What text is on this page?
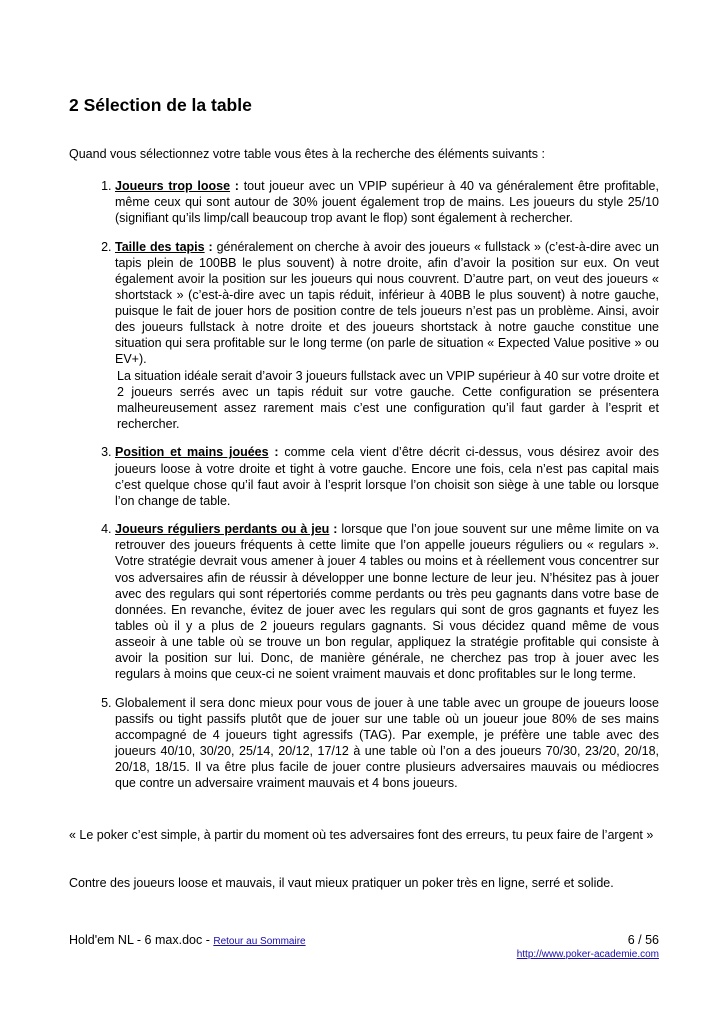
2 Sélection de la table

Quand vous sélectionnez votre table vous êtes à la recherche des éléments suivants :

1. Joueurs trop loose : tout joueur avec un VPIP supérieur à 40 va généralement être profitable, même ceux qui sont autour de 30% jouent également trop de mains. Les joueurs du style 25/10 (signifiant qu’ils limp/call beaucoup trop avant le flop) sont également à rechercher.
2. Taille des tapis : généralement on cherche à avoir des joueurs « fullstack » (c’est-à-dire avec un tapis plein de 100BB le plus souvent) à notre droite, afin d’avoir la position sur eux. On veut également avoir la position sur les joueurs qui nous couvrent. D’autre part, on veut des joueurs « shortstack » (c’est-à-dire avec un tapis réduit, inférieur à 40BB le plus souvent) à notre gauche, puisque le fait de jouer hors de position contre de tels joueurs n’est pas un problème. Ainsi, avoir des joueurs fullstack à notre droite et des joueurs shortstack à notre gauche constitue une situation qui sera profitable sur le long terme (on parle de situation « Expected Value positive » ou EV+).
La situation idéale serait d’avoir 3 joueurs fullstack avec un VPIP supérieur à 40 sur votre droite et 2 joueurs serrés avec un tapis réduit sur votre gauche. Cette configuration se présentera malheureusement assez rarement mais c’est une configuration qu’il faut garder à l’esprit et rechercher.
3. Position et mains jouées : comme cela vient d’être décrit ci-dessus, vous désirez avoir des joueurs loose à votre droite et tight à votre gauche. Encore une fois, cela n’est pas capital mais c’est quelque chose qu’il faut avoir à l’esprit lorsque l’on choisit son siège à une table ou lorsque l’on change de table.
4. Joueurs réguliers perdants ou à jeu : lorsque que l’on joue souvent sur une même limite on va retrouver des joueurs fréquents à cette limite que l’on appelle joueurs réguliers ou « regulars ». Votre stratégie devrait vous amener à jouer 4 tables ou moins et à réellement vous concentrer sur vos adversaires afin de réussir à développer une bonne lecture de leur jeu. N’hésitez pas à jouer avec des regulars qui sont répertoriés comme perdants ou très peu gagnants dans votre base de données. En revanche, évitez de jouer avec les regulars qui sont de gros gagnants et fuyez les tables où il y a plus de 2 joueurs regulars gagnants. Si vous décidez quand même de vous asseoir à une table où se trouve un bon regular, appliquez la stratégie profitable qui consiste à avoir la position sur lui. Donc, de manière générale, ne cherchez pas trop à jouer avec les regulars à moins que ceux-ci ne soient vraiment mauvais et donc profitables sur le long terme.
5. Globalement il sera donc mieux pour vous de jouer à une table avec un groupe de joueurs loose passifs ou tight passifs plutôt que de jouer sur une table où un joueur joue 80% de ses mains accompagné de 4 joueurs tight agressifs (TAG). Par exemple, je préfère une table avec des joueurs 40/10, 30/20, 25/14, 20/12, 17/12 à une table où l’on a des joueurs 70/30, 23/20, 20/18, 20/18, 18/15. Il va être plus facile de jouer contre plusieurs adversaires mauvais ou médiocres que contre un adversaire vraiment mauvais et 4 bons joueurs.

« Le poker c’est simple, à partir du moment où tes adversaires font des erreurs, tu peux faire de l’argent »

Contre des joueurs loose et mauvais, il vaut mieux pratiquer un poker très en ligne, serré et solide.

Hold'em NL - 6 max.doc - Retour au Sommaire	6 / 56
http://www.poker-academie.com
